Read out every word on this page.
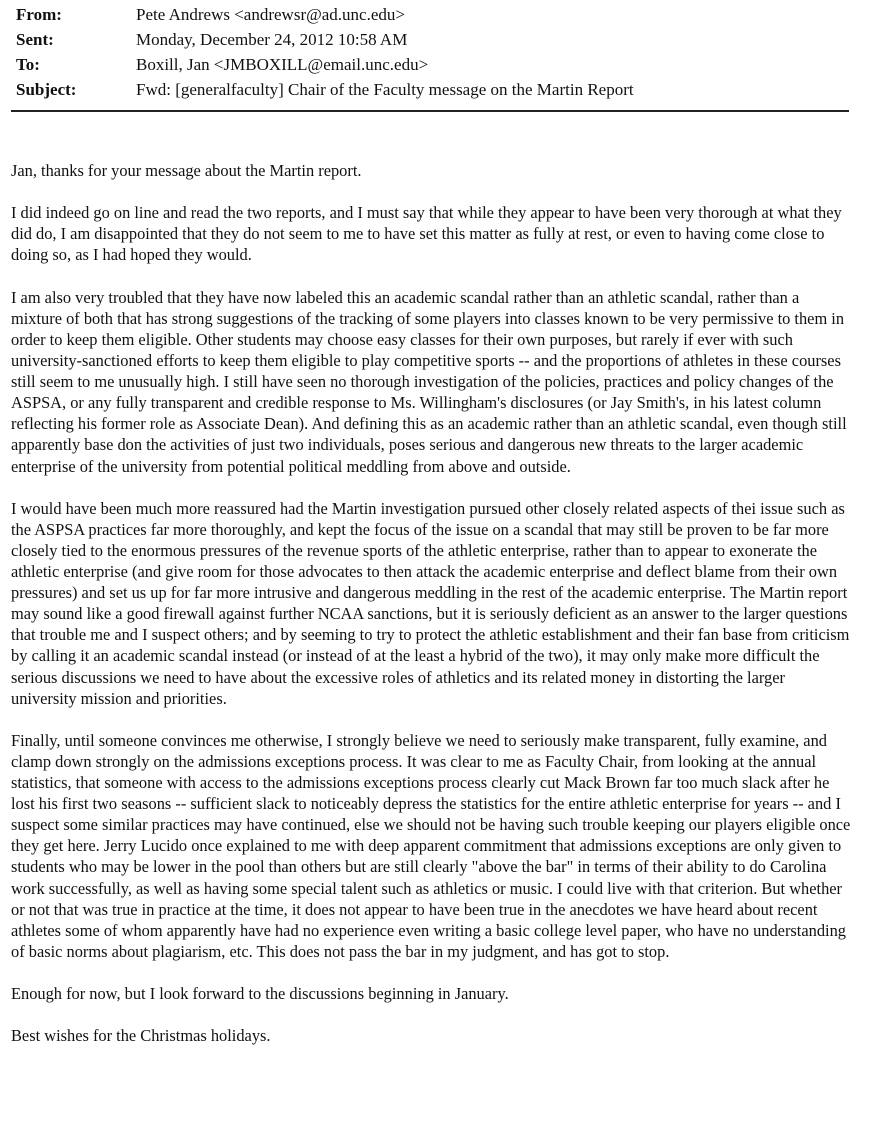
From:	Pete Andrews <andrewsr@ad.unc.edu>
Sent:	Monday, December 24, 2012 10:58 AM
To:	Boxill, Jan <JMBOXILL@email.unc.edu>
Subject:	Fwd: [generalfaculty] Chair of the Faculty message on the Martin Report

Jan, thanks for your message about the Martin report.

I did indeed go on line and read the two reports, and I must say that while they appear to have been very thorough at what they did do, I am disappointed that they do not seem to me to have set this matter as fully at rest, or even to having come close to doing so, as I had hoped they would.

I am also very troubled that they have now labeled this an academic scandal rather than an athletic scandal, rather than a mixture of both that has strong suggestions of the tracking of some players into classes known to be very permissive to them in order to keep them eligible. Other students may choose easy classes for their own purposes, but rarely if ever with such university-sanctioned efforts to keep them eligible to play competitive sports -- and the proportions of athletes in these courses still seem to me unusually high. I still have seen no thorough investigation of the policies, practices and policy changes of the ASPSA, or any fully transparent and credible response to Ms. Willingham's disclosures (or Jay Smith's, in his latest column reflecting his former role as Associate Dean). And defining this as an academic rather than an athletic scandal, even though still apparently base don the activities of just two individuals, poses serious and dangerous new threats to the larger academic enterprise of the university from potential political meddling from above and outside.

I would have been much more reassured had the Martin investigation pursued other closely related aspects of thei issue such as the ASPSA practices far more thoroughly, and kept the focus of the issue on a scandal that may still be proven to be far more closely tied to the enormous pressures of the revenue sports of the athletic enterprise, rather than to appear to exonerate the athletic enterprise (and give room for those advocates to then attack the academic enterprise and deflect blame from their own pressures) and set us up for far more intrusive and dangerous meddling in the rest of the academic enterprise. The Martin report may sound like a good firewall against further NCAA sanctions, but it is seriously deficient as an answer to the larger questions that trouble me and I suspect others; and by seeming to try to protect the athletic establishment and their fan base from criticism by calling it an academic scandal instead (or instead of at the least a hybrid of the two), it may only make more difficult the serious discussions we need to have about the excessive roles of athletics and its related money in distorting the larger university mission and priorities.

Finally, until someone convinces me otherwise, I strongly believe we need to seriously make transparent, fully examine, and clamp down strongly on the admissions exceptions process. It was clear to me as Faculty Chair, from looking at the annual statistics, that someone with access to the admissions exceptions process clearly cut Mack Brown far too much slack after he lost his first two seasons -- sufficient slack to noticeably depress the statistics for the entire athletic enterprise for years -- and I suspect some similar practices may have continued, else we should not be having such trouble keeping our players eligible once they get here. Jerry Lucido once explained to me with deep apparent commitment that admissions exceptions are only given to students who may be lower in the pool than others but are still clearly "above the bar" in terms of their ability to do Carolina work successfully, as well as having some special talent such as athletics or music. I could live with that criterion. But whether or not that was true in practice at the time, it does not appear to have been true in the anecdotes we have heard about recent athletes some of whom apparently have had no experience even writing a basic college level paper, who have no understanding of basic norms about plagiarism, etc. This does not pass the bar in my judgment, and has got to stop.

Enough for now, but I look forward to the discussions beginning in January.

Best wishes for the Christmas holidays.
